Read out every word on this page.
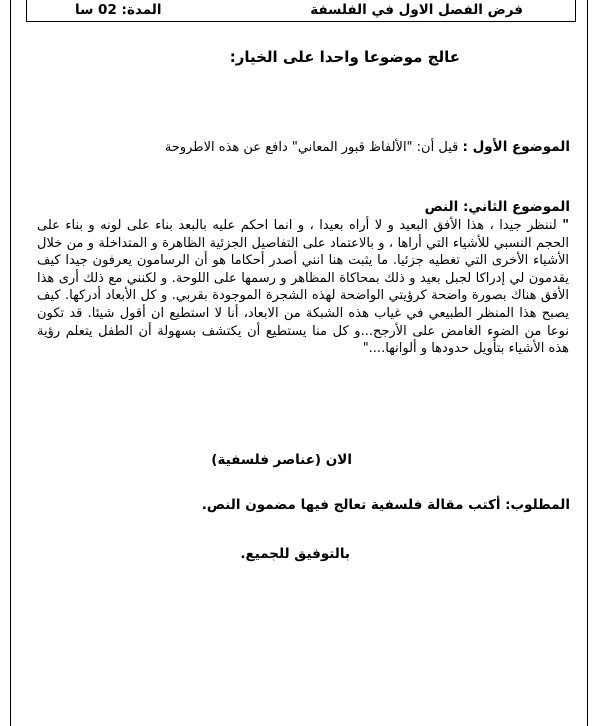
فرض الفصل الاول في الفلسفة
المدة: 02 سا
عالج موضوعا واحدا على الخيار:
الموضوع الأول : قيل أن: "الألفاظ قبور المعاني" دافع عن هذه الاطروحة
الموضوع الثاني: النص
" لننظر جيدا ، هذا الأفق البعيد و لا أراه بعيدا ، و انما احكم عليه بالبعد بناء على لونه و بناء على الحجم النسبي للأشياء التي أراها ، و بالاعتماد على التفاصيل الجزئية الظاهرة و المتداخلة و من خلال الأشياء الأخرى التي تغطيه جزئيا. ما يثبت هنا انني أصدر أحكاما هو أن الرسامون يعرفون جيدا كيف يقدمون لي إدراكا لجبل بعيد و ذلك بمحاكاة المظاهر و رسمها على اللوحة. و لكنني مع ذلك أرى هذا الأفق هناك بصورة واضحة كرؤيتي الواضحة لهذه الشجرة الموجودة بقربي. و كل الأبعاد أدركها. كيف يصبح هذا المنظر الطبيعي في غياب هذه الشبكة من الابعاد، أنا لا استطيع ان أقول شيئا. قد تكون نوعا من الضوء الغامض على الأرجح...و كل منا يستطيع أن يكتشف بسهولة أن الطفل يتعلم رؤية هذه الأشياء بتأويل حدودها و ألوانها...."
الان (عناصر فلسفية)
المطلوب: أكتب مقالة فلسفية تعالج فيها مضمون النص.
بالتوفيق للجميع.
